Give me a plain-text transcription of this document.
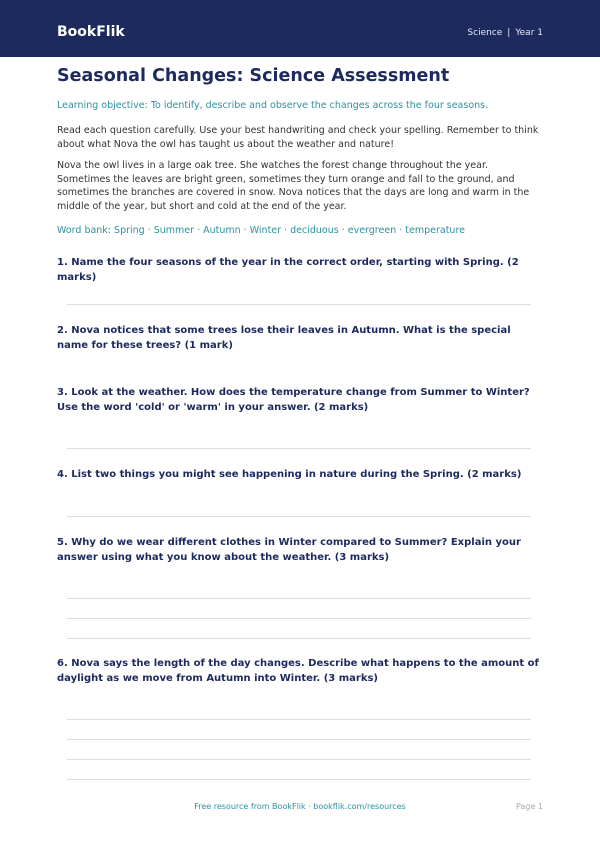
BookFlik	Science | Year 1
Seasonal Changes: Science Assessment
Learning objective: To identify, describe and observe the changes across the four seasons.
Read each question carefully. Use your best handwriting and check your spelling. Remember to think about what Nova the owl has taught us about the weather and nature!
Nova the owl lives in a large oak tree. She watches the forest change throughout the year. Sometimes the leaves are bright green, sometimes they turn orange and fall to the ground, and sometimes the branches are covered in snow. Nova notices that the days are long and warm in the middle of the year, but short and cold at the end of the year.
Word bank: Spring · Summer · Autumn · Winter · deciduous · evergreen · temperature
1. Name the four seasons of the year in the correct order, starting with Spring. (2 marks)
2. Nova notices that some trees lose their leaves in Autumn. What is the special name for these trees? (1 mark)
3. Look at the weather. How does the temperature change from Summer to Winter? Use the word 'cold' or 'warm' in your answer. (2 marks)
4. List two things you might see happening in nature during the Spring. (2 marks)
5. Why do we wear different clothes in Winter compared to Summer? Explain your answer using what you know about the weather. (3 marks)
6. Nova says the length of the day changes. Describe what happens to the amount of daylight as we move from Autumn into Winter. (3 marks)
Free resource from BookFlik · bookflik.com/resources	Page 1
